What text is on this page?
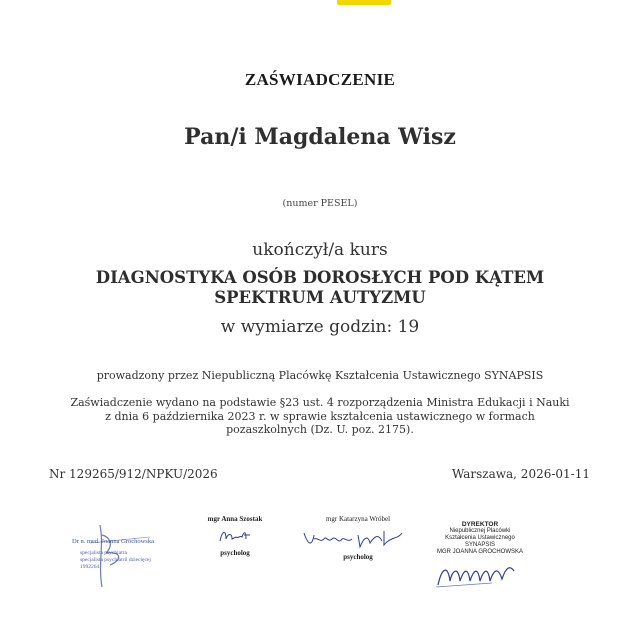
ZAŚWIADCZENIE
Pan/i Magdalena Wisz
(numer PESEL)
ukończył/a kurs
DIAGNOSTYKA OSÓB DOROSŁYCH POD KĄTEM
SPEKTRUM AUTYZMU
w wymiarze godzin: 19
prowadzony przez Niepubliczną Placówkę Kształcenia Ustawicznego SYNAPSIS
Zaświadczenie wydano na podstawie §23 ust. 4 rozporządzenia Ministra Edukacji i Nauki
z dnia 6 października 2023 r. w sprawie kształcenia ustawicznego w formach
pozaszkolnych (Dz. U. poz. 2175).
Nr 129265/912/NPKU/2026	Warszawa, 2026-01-11
Dr n. med. Joanna Grochowska
specjalista psychiatra
specjalista psychiatrii dziecięcej
1992264
mgr Anna Szostak
psycholog
mgr Katarzyna Wróbel
psycholog
DYREKTOR
Niepublicznej Placówki
Kształcenia Ustawicznego
SYNAPSIS
MGR JOANNA GROCHOWSKA
